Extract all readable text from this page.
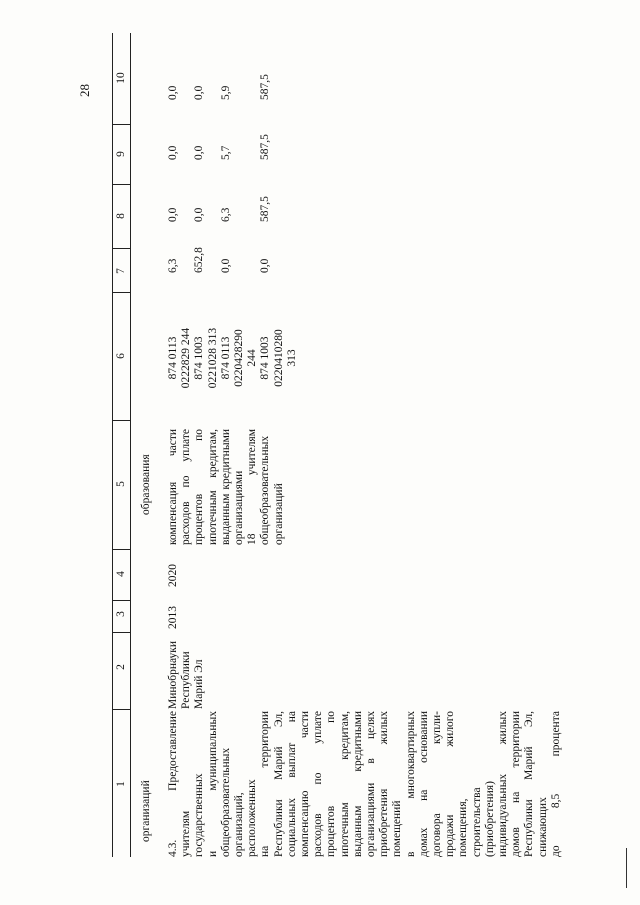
28
1
2
3
4
5
6
7
8
9
10
организаций
образования
4.3. Предоставление учителям государственных и муниципальных общеобразовательных организаций, расположенных на территории Республики Марий Эл, социальных выплат на компенсацию части расходов по уплате процентов по ипотечным кредитам, выданным кредитными организациями в целях приобретения жилых помещений в многоквартирных домах на основании договора купли- продажи жилого помещения, строительства (приобретения) индивидуальных жилых домов на территории Республики Марий Эл, снижающих до 8,5 процента
Минобрнауки Республики Марий Эл
2013
2020
компенсация части расходов по уплате процентов по ипотечным кредитам, выданным кредитными организациями 18 учителям общеобразовательных организаций
874 0113 0222829 244 874 1003 0221028 313 874 0113 0220428290 244 874 1003 0220410280 313
6,3 652,8 0,0 0,0
0,0 0,0 6,3 587,5
0,0 0,0 5,7 587,5
0,0 0,0 5,9 587,5
